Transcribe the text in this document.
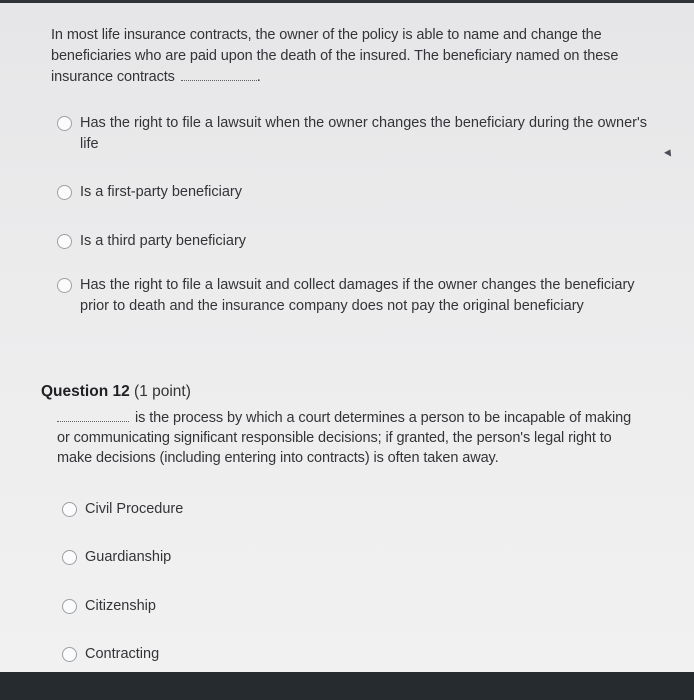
In most life insurance contracts, the owner of the policy is able to name and change the beneficiaries who are paid upon the death of the insured. The beneficiary named on these insurance contracts	.
Has the right to file a lawsuit when the owner changes the beneficiary during the owner's life
Is a first-party beneficiary
Is a third party beneficiary
Has the right to file a lawsuit and collect damages if the owner changes the beneficiary prior to death and the insurance company does not pay the original beneficiary
Question 12 (1 point)
is the process by which a court determines a person to be incapable of making or communicating significant responsible decisions; if granted, the person's legal right to make decisions (including entering into contracts) is often taken away.
Civil Procedure
Guardianship
Citizenship
Contracting
